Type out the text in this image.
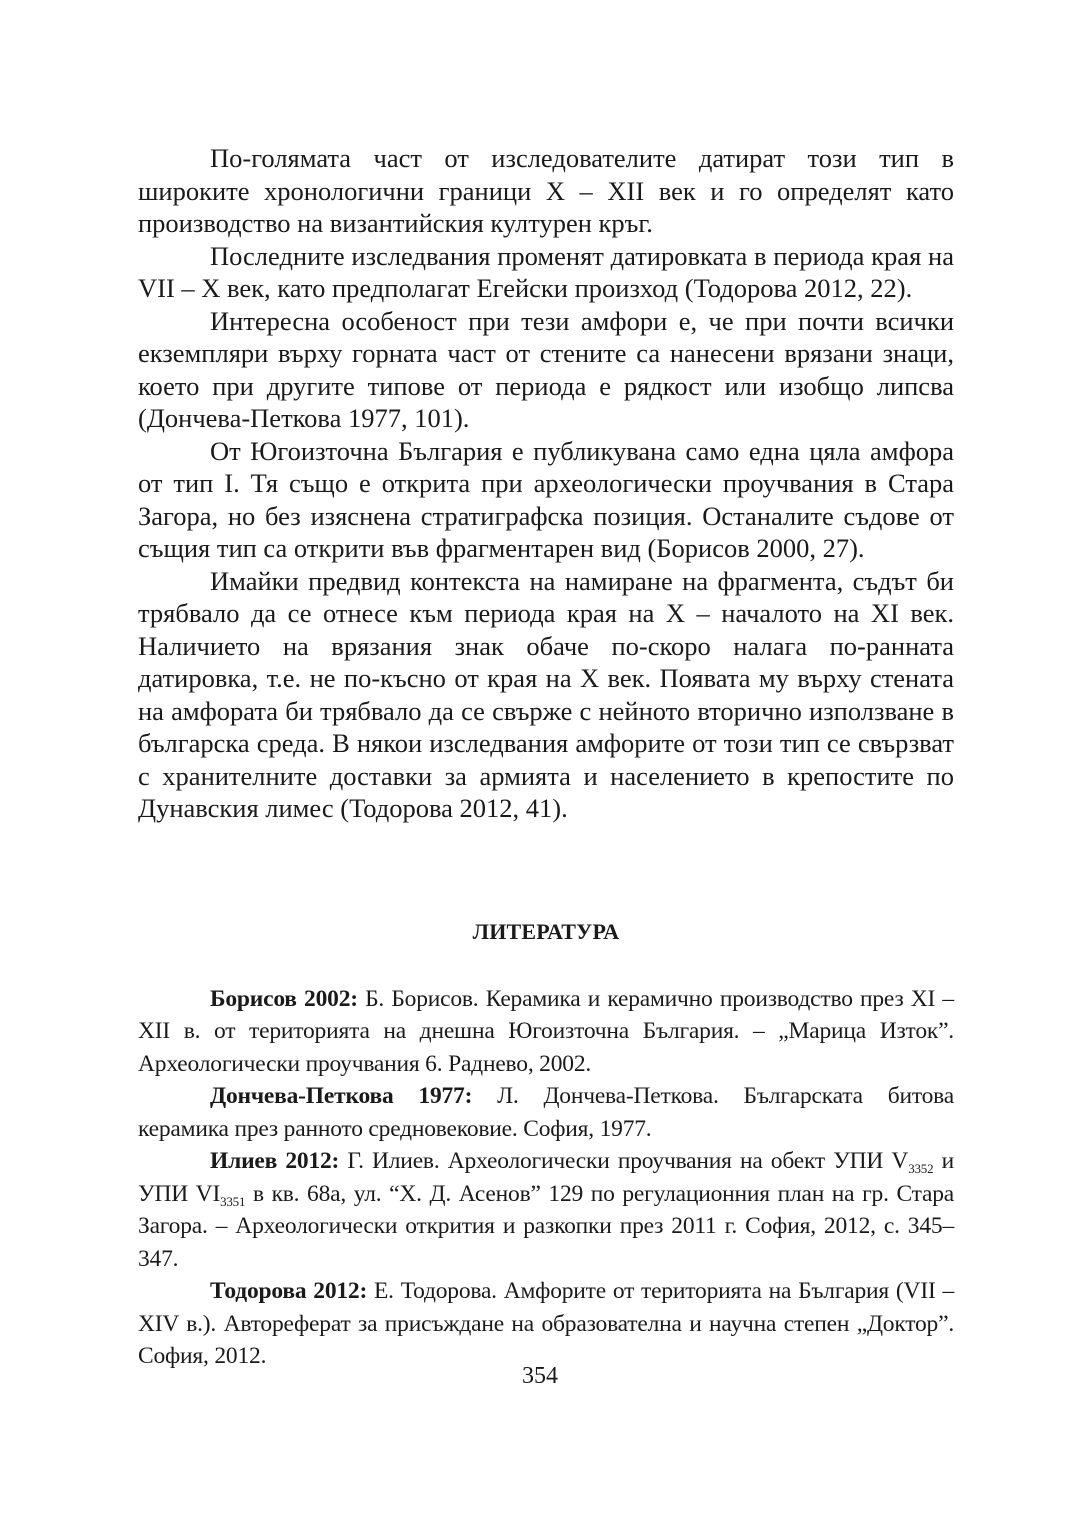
По-голямата част от изследователите датират този тип в широките хронологични граници X – XII век и го определят като производство на византийския културен кръг.

Последните изследвания променят датировката в периода края на VII – X век, като предполагат Егейски произход (Тодорова 2012, 22).

Интересна особеност при тези амфори е, че при почти всички екземпляри върху горната част от стените са нанесени врязани знаци, което при другите типове от периода е рядкост или изобщо липсва (Дончева-Петкова 1977, 101).

От Югоизточна България е публикувана само една цяла амфора от тип I. Тя също е открита при археологически проучвания в Стара Загора, но без изяснена стратиграфска позиция. Останалите съдове от същия тип са открити във фрагментарен вид (Борисов 2000, 27).

Имайки предвид контекста на намиране на фрагмента, съдът би трябвало да се отнесе към периода края на X – началото на XI век. Наличието на врязания знак обаче по-скоро налага по-ранната датировка, т.е. не по-късно от края на X век. Появата му върху стената на амфората би трябвало да се свърже с нейното вторично използване в българска среда. В някои изследвания амфорите от този тип се свързват с хранителните доставки за армията и населението в крепостите по Дунавския лимес (Тодорова 2012, 41).

ЛИТЕРАТУРА

Борисов 2002: Б. Борисов. Керамика и керамично производство през XI – XII в. от територията на днешна Югоизточна България. – „Марица Изток”. Археологически проучвания 6. Раднево, 2002.

Дончева-Петкова 1977: Л. Дончева-Петкова. Българската битова керамика през ранното средновековие. София, 1977.

Илиев 2012: Г. Илиев. Археологически проучвания на обект УПИ $V_{3352}$ и УПИ $VI_{3351}$ в кв. 68а, ул. “Х. Д. Асенов” 129 по регулационния план на гр. Стара Загора. – Археологически открития и разкопки през 2011 г. София, 2012, с. 345–347.

Тодорова 2012: Е. Тодорова. Амфорите от територията на България (VII – XIV в.). Автореферат за присъждане на образователна и научна степен „Доктор”. София, 2012.

354
